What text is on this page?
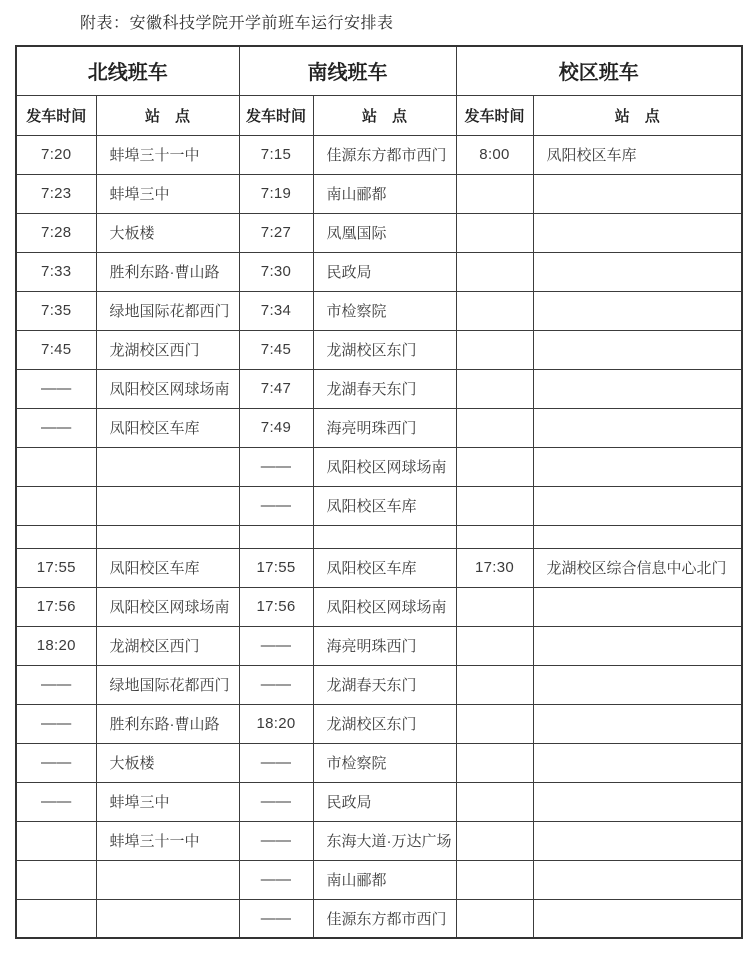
附表：安徽科技学院开学前班车运行安排表
北线班车		南线班车		校区班车	
发车时间	站　点	发车时间	站　点	发车时间	站　点
7:20	蚌埠三十一中	7:15	佳源东方都市西门	8:00	凤阳校区车库
7:23	蚌埠三中	7:19	南山郦都		
7:28	大板楼	7:27	凤凰国际		
7:33	胜利东路·曹山路	7:30	民政局		
7:35	绿地国际花都西门	7:34	市检察院		
7:45	龙湖校区西门	7:45	龙湖校区东门		
——	凤阳校区网球场南	7:47	龙湖春天东门		
——	凤阳校区车库	7:49	海亮明珠西门		
		——	凤阳校区网球场南		
		——	凤阳校区车库		

17:55	凤阳校区车库	17:55	凤阳校区车库	17:30	龙湖校区综合信息中心北门
17:56	凤阳校区网球场南	17:56	凤阳校区网球场南		
18:20	龙湖校区西门	——	海亮明珠西门		
——	绿地国际花都西门	——	龙湖春天东门		
——	胜利东路·曹山路	18:20	龙湖校区东门		
——	大板楼	——	市检察院		
——	蚌埠三中	——	民政局		
	蚌埠三十一中	——	东海大道·万达广场		
		——	南山郦都		
		——	佳源东方都市西门		
